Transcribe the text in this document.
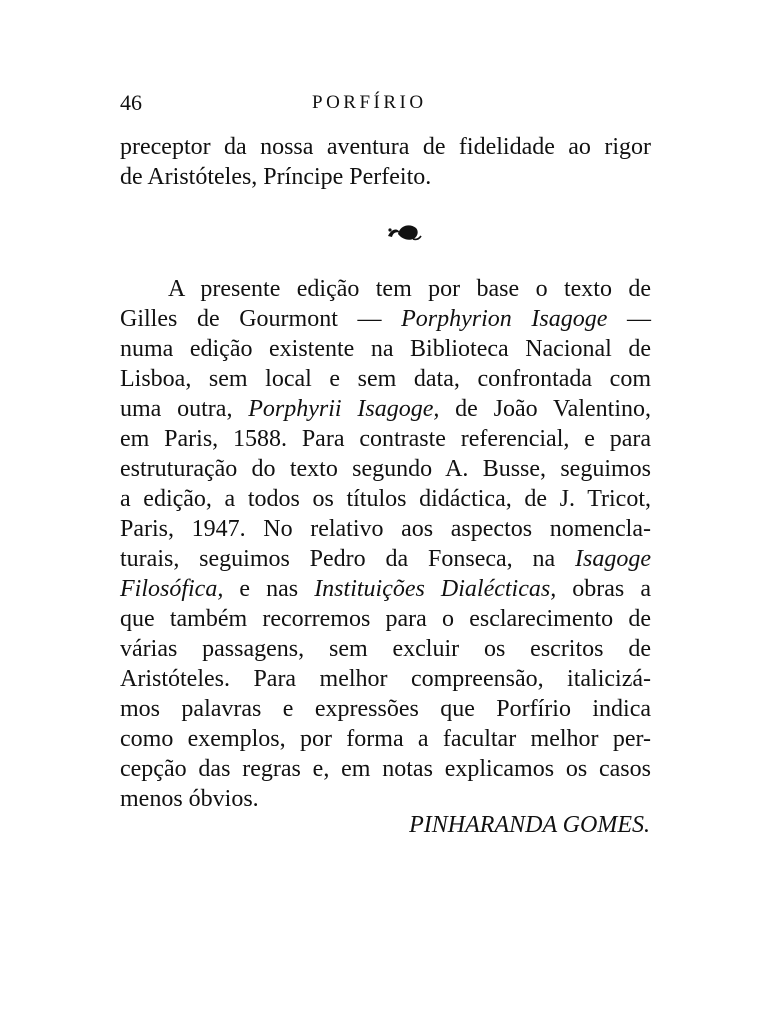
46	PORFÍRIO
preceptor da nossa aventura de fidelidade ao rigor
de Aristóteles, Príncipe Perfeito.
A presente edição tem por base o texto de
Gilles de Gourmont — Porphyrion Isagoge —
numa edição existente na Biblioteca Nacional de
Lisboa, sem local e sem data, confrontada com
uma outra, Porphyrii Isagoge, de João Valentino,
em Paris, 1588. Para contraste referencial, e para
estruturação do texto segundo A. Busse, seguimos
a edição, a todos os títulos didáctica, de J. Tricot,
Paris, 1947. No relativo aos aspectos nomencla-
turais, seguimos Pedro da Fonseca, na Isagoge
Filosófica, e nas Instituições Dialécticas, obras a
que também recorremos para o esclarecimento de
várias passagens, sem excluir os escritos de
Aristóteles. Para melhor compreensão, italicizá-
mos palavras e expressões que Porfírio indica
como exemplos, por forma a facultar melhor per-
cepção das regras e, em notas explicamos os casos
menos óbvios.
PINHARANDA GOMES.
